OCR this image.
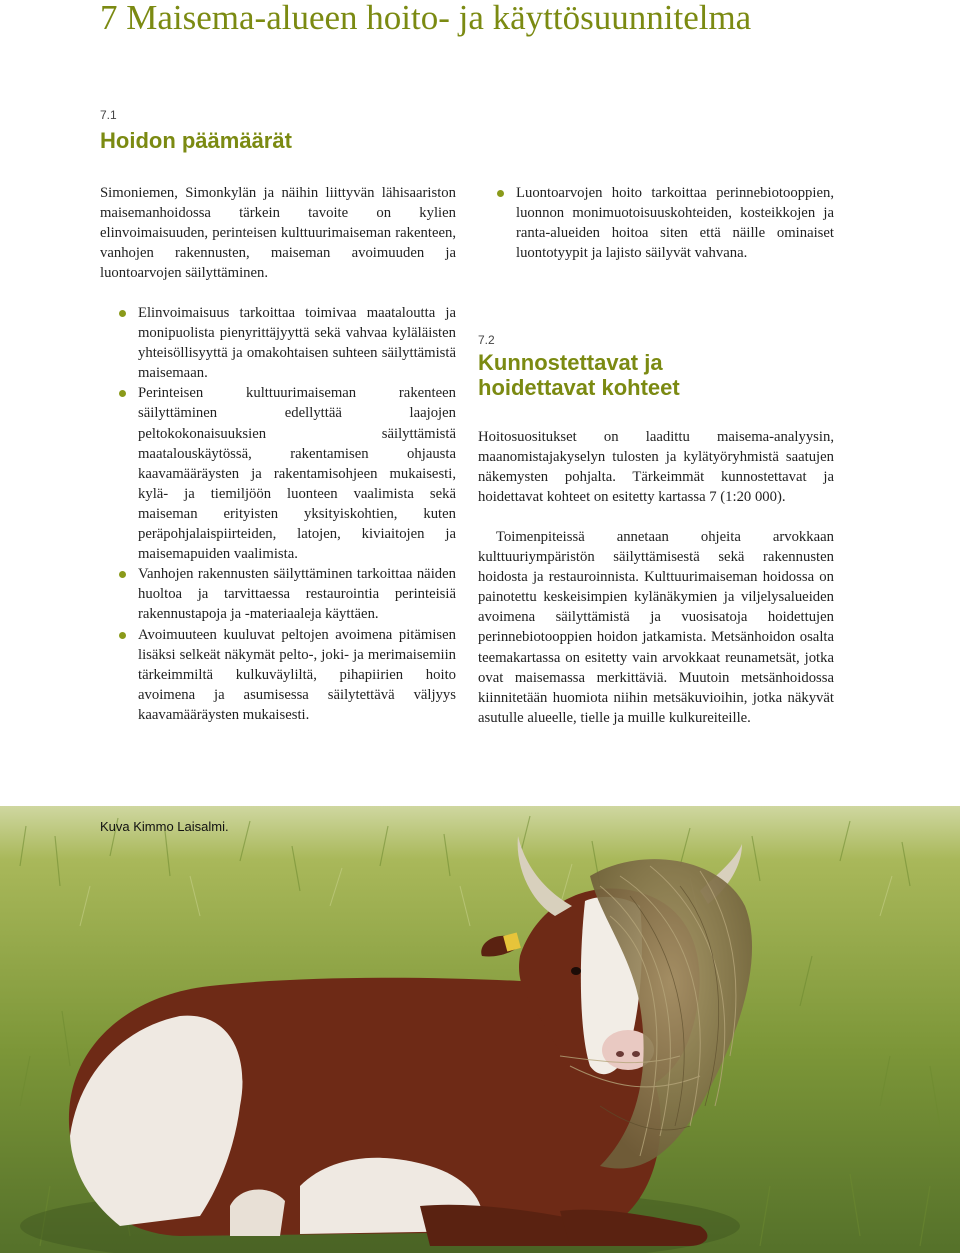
7 Maisema-alueen hoito- ja käyttösuunnitelma
7.1
Hoidon päämäärät

Simoniemen, Simonkylän ja näihin liittyvän lähisaariston maisemanhoidossa tärkein tavoite on kylien elinvoimaisuuden, perinteisen kulttuurimaiseman rakenteen, vanhojen rakennusten, maiseman avoimuuden ja luontoarvojen säilyttäminen.

Elinvoimaisuus tarkoittaa toimivaa maataloutta ja monipuolista pienyrittäjyyttä sekä vahvaa kyläläisten yhteisöllisyyttä ja omakohtaisen suhteen säilyttämistä maisemaan.
Perinteisen kulttuurimaiseman rakenteen säilyttäminen edellyttää laajojen peltokokonaisuuksien säilyttämistä maatalouskäytössä, rakentamisen ohjausta kaavamääräysten ja rakentamisohjeen mukaisesti, kylä- ja tiemiljöön luonteen vaalimista sekä maiseman erityisten yksityiskohtien, kuten peräpohjalaispiirteiden, latojen, kiviaitojen ja maisemapuiden vaalimista.
Vanhojen rakennusten säilyttäminen tarkoittaa näiden huoltoa ja tarvittaessa restaurointia perinteisiä rakennustapoja ja -materiaaleja käyttäen.
Avoimuuteen kuuluvat peltojen avoimena pitämisen lisäksi selkeät näkymät pelto-, joki- ja merimaisemiin tärkeimmiltä kulkuväyliltä, pihapiirien hoito avoimena ja asumisessa säilytettävä väljyys kaavamääräysten mukaisesti.
Luontoarvojen hoito tarkoittaa perinnebiotooppien, luonnon monimuotoisuuskohteiden, kosteikkojen ja ranta-alueiden hoitoa siten että näille ominaiset luontotyypit ja lajisto säilyvät vahvana.
7.2
Kunnostettavat ja
hoidettavat kohteet

Hoitosuositukset on laadittu maisema-analyysin, maanomistajakyselyn tulosten ja kylätyöryhmistä saatujen näkemysten pohjalta. Tärkeimmät kunnostettavat ja hoidettavat kohteet on esitetty kartassa 7 (1:20 000).

Toimenpiteissä annetaan ohjeita arvokkaan kulttuuriympäristön säilyttämisestä sekä rakennusten hoidosta ja restauroinnista. Kulttuurimaiseman hoidossa on painotettu keskeisimpien kylänäkymien ja viljelysalueiden avoimena säilyttämistä ja vuosisatoja hoidettujen perinnebiotooppien hoidon jatkamista. Metsänhoidon osalta teemakartassa on esitetty vain arvokkaat reunametsät, jotka ovat maisemassa merkittäviä. Muutoin metsänhoidossa kiinnitetään huomiota niihin metsäkuvioihin, jotka näkyvät asutulle alueelle, tielle ja muille kulkureiteille.

Kuva Kimmo Laisalmi.
